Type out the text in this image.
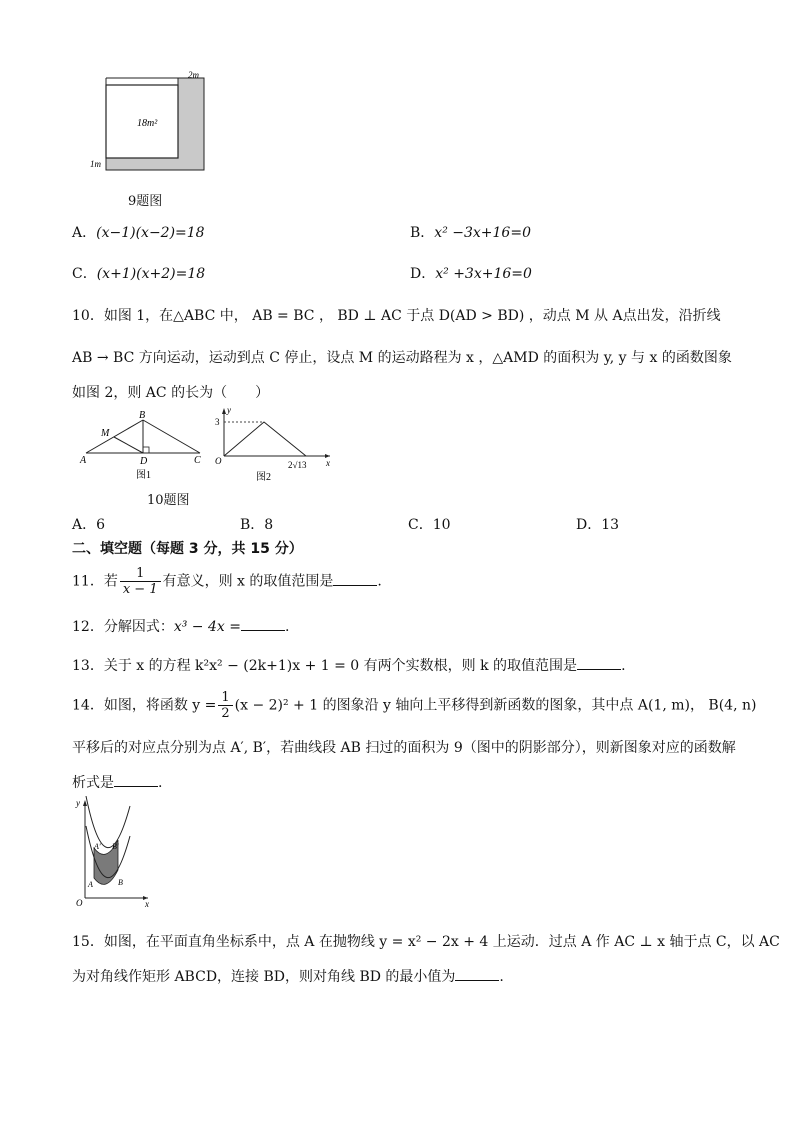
18m²
2m
1m
9题图
A．(x−1)(x−2)=18	B．x² −3x+16=0
C．(x+1)(x+2)=18	D．x² +3x+16=0
10．如图 1，在△ABC 中， AB = BC ， BD ⊥ AC 于点 D(AD > BD) ，动点 M 从 A点出发，沿折线
AB → BC 方向运动，运动到点 C 停止，设点 M 的运动路程为 x ，△AMD 的面积为 y, y 与 x 的函数图象
如图 2，则 AC 的长为（　　）
A
B
C
D
M
图1
y
x
O
3
2√13
图2
10题图
A．6	B．8	C．10	D．13
二、填空题（每题 3 分，共 15 分）
11．若 $\frac{1}{x - 1}$ 有意义，则 x 的取值范围是	.
12．分解因式：x³ − 4x =	.
13．关于 x 的方程 k²x² − (2k+1)x + 1 = 0 有两个实数根，则 k 的取值范围是	.
14．如图，将函数 $y = \frac{1}{2} (x - 2)^2 + 1$ 的图象沿 y 轴向上平移得到新函数的图象，其中点 A(1, m)， B(4, n)
平移后的对应点分别为点 A′, B′，若曲线段 AB 扫过的面积为 9（图中的阴影部分），则新图象对应的函数解
析式是	.
y
x
O
A	B
A′ B′
15．如图，在平面直角坐标系中，点 A 在抛物线 y = x² − 2x + 4 上运动．过点 A 作 AC ⊥ x 轴于点 C，以 AC
为对角线作矩形 ABCD，连接 BD，则对角线 BD 的最小值为	.
